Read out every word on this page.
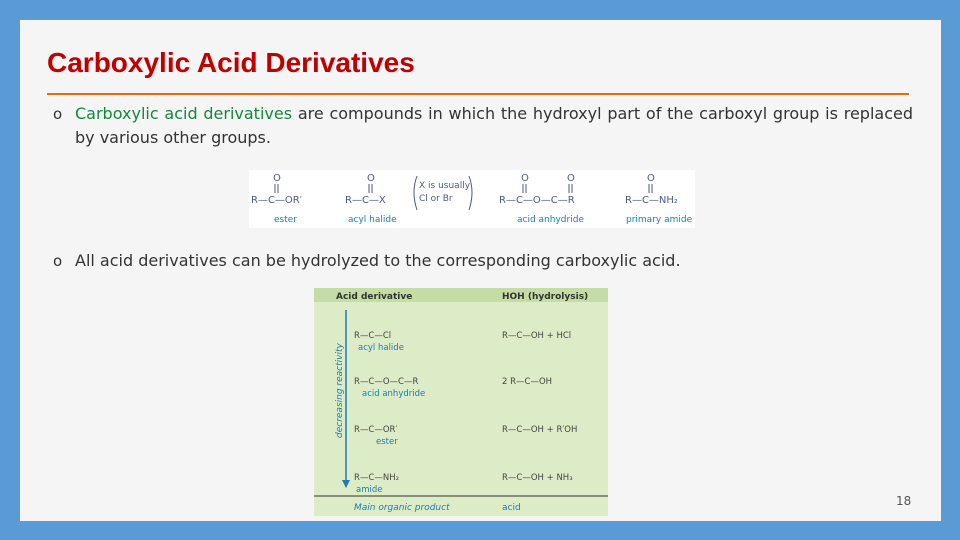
Carboxylic Acid Derivatives
o Carboxylic acid derivatives are compounds in which the hydroxyl part of the carboxyl group is replaced by various other groups.
O
R—C—OR′
O
R—C—X
X is usually
Cl or Br
O	O
R—C—O—C—R
O
R—C—NH₂
ester	acyl halide	acid anhydride	primary amide
o All acid derivatives can be hydrolyzed to the corresponding carboxylic acid.
Acid derivative	HOH (hydrolysis)
decreasing reactivity
R—C—Cl	R—C—OH + HCl
R—C—O—C—R	2 R—C—OH
R—C—OR′	R—C—OH + R′OH
R—C—NH₂	R—C—OH + NH₃
acyl halide
acid anhydride
ester
amide
Main organic product	acid	18
